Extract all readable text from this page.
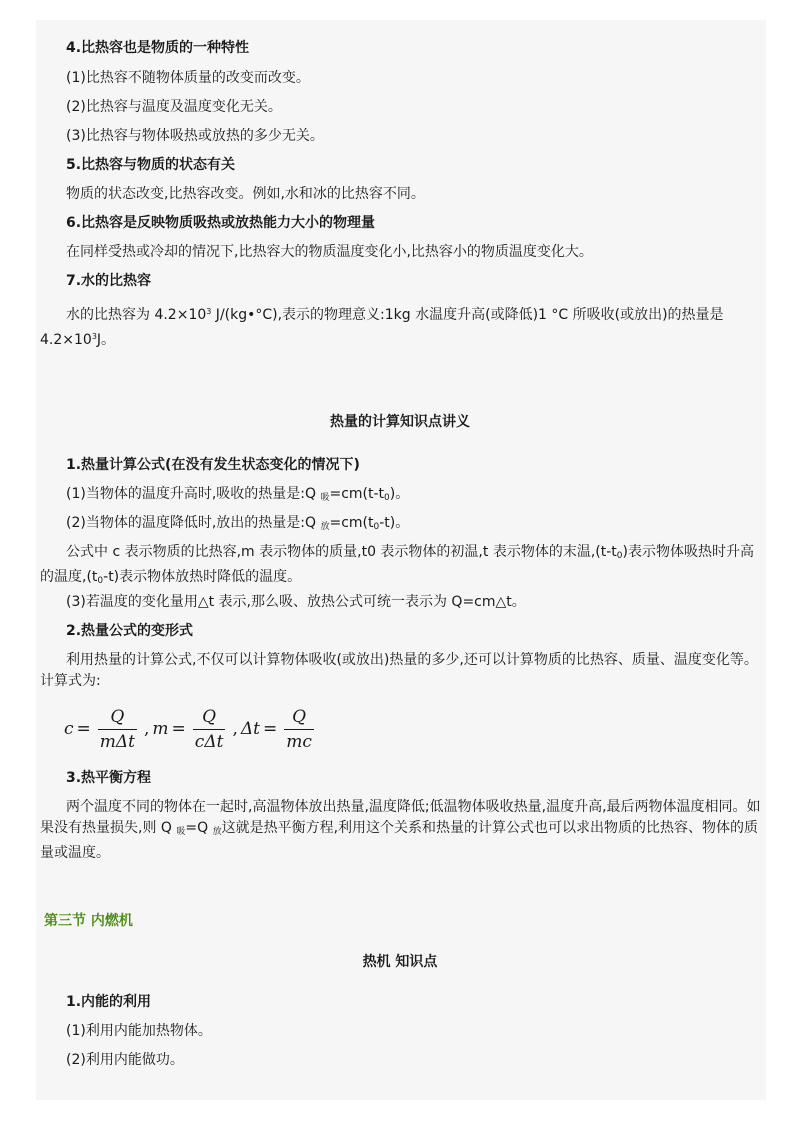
4.比热容也是物质的一种特性
(1)比热容不随物体质量的改变而改变。
(2)比热容与温度及温度变化无关。
(3)比热容与物体吸热或放热的多少无关。
5.比热容与物质的状态有关
物质的状态改变,比热容改变。例如,水和冰的比热容不同。
6.比热容是反映物质吸热或放热能力大小的物理量
在同样受热或冷却的情况下,比热容大的物质温度变化小,比热容小的物质温度变化大。
7.水的比热容
水的比热容为 $4.2\times 10^3$ J/(kg•°C),表示的物理意义:1kg 水温度升高(或降低)1 °C 所吸收(或放出)的热量是 $4.2\times 10^3J$。
热量的计算知识点讲义
1.热量计算公式(在没有发生状态变化的情况下)
(1)当物体的温度升高时,吸收的热量是:Q $_吸=cm(t-t_0)$。
(2)当物体的温度降低时,放出的热量是:Q $_放=cm(t_0-t)$。
公式中 c 表示物质的比热容,m 表示物体的质量,t0 表示物体的初温,t 表示物体的末温$,(t-t_0)$表示物体吸热时升高的温度$,(t_0-t)$表示物体放热时降低的温度。
(3)若温度的变化量用△t 表示,那么吸、放热公式可统一表示为 Q=cm△t。
2.热量公式的变形式
利用热量的计算公式,不仅可以计算物体吸收(或放出)热量的多少,还可以计算物质的比热容、质量、温度变化等。计算式为:
$c = \frac{Q}{\text{mΔt}}$ , $m = \frac{Q}{\text{cΔt}}$ , $\Delta t = \frac{Q}{mc}$
3.热平衡方程
两个温度不同的物体在一起时,高温物体放出热量,温度降低;低温物体吸收热量,温度升高,最后两物体温度相同。如果没有热量损失,则 Q $_吸$=Q $_放$这就是热平衡方程,利用这个关系和热量的计算公式也可以求出物质的比热容、物体的质量或温度。
第三节 内燃机
热机 知识点
1.内能的利用
(1)利用内能加热物体。
(2)利用内能做功。
